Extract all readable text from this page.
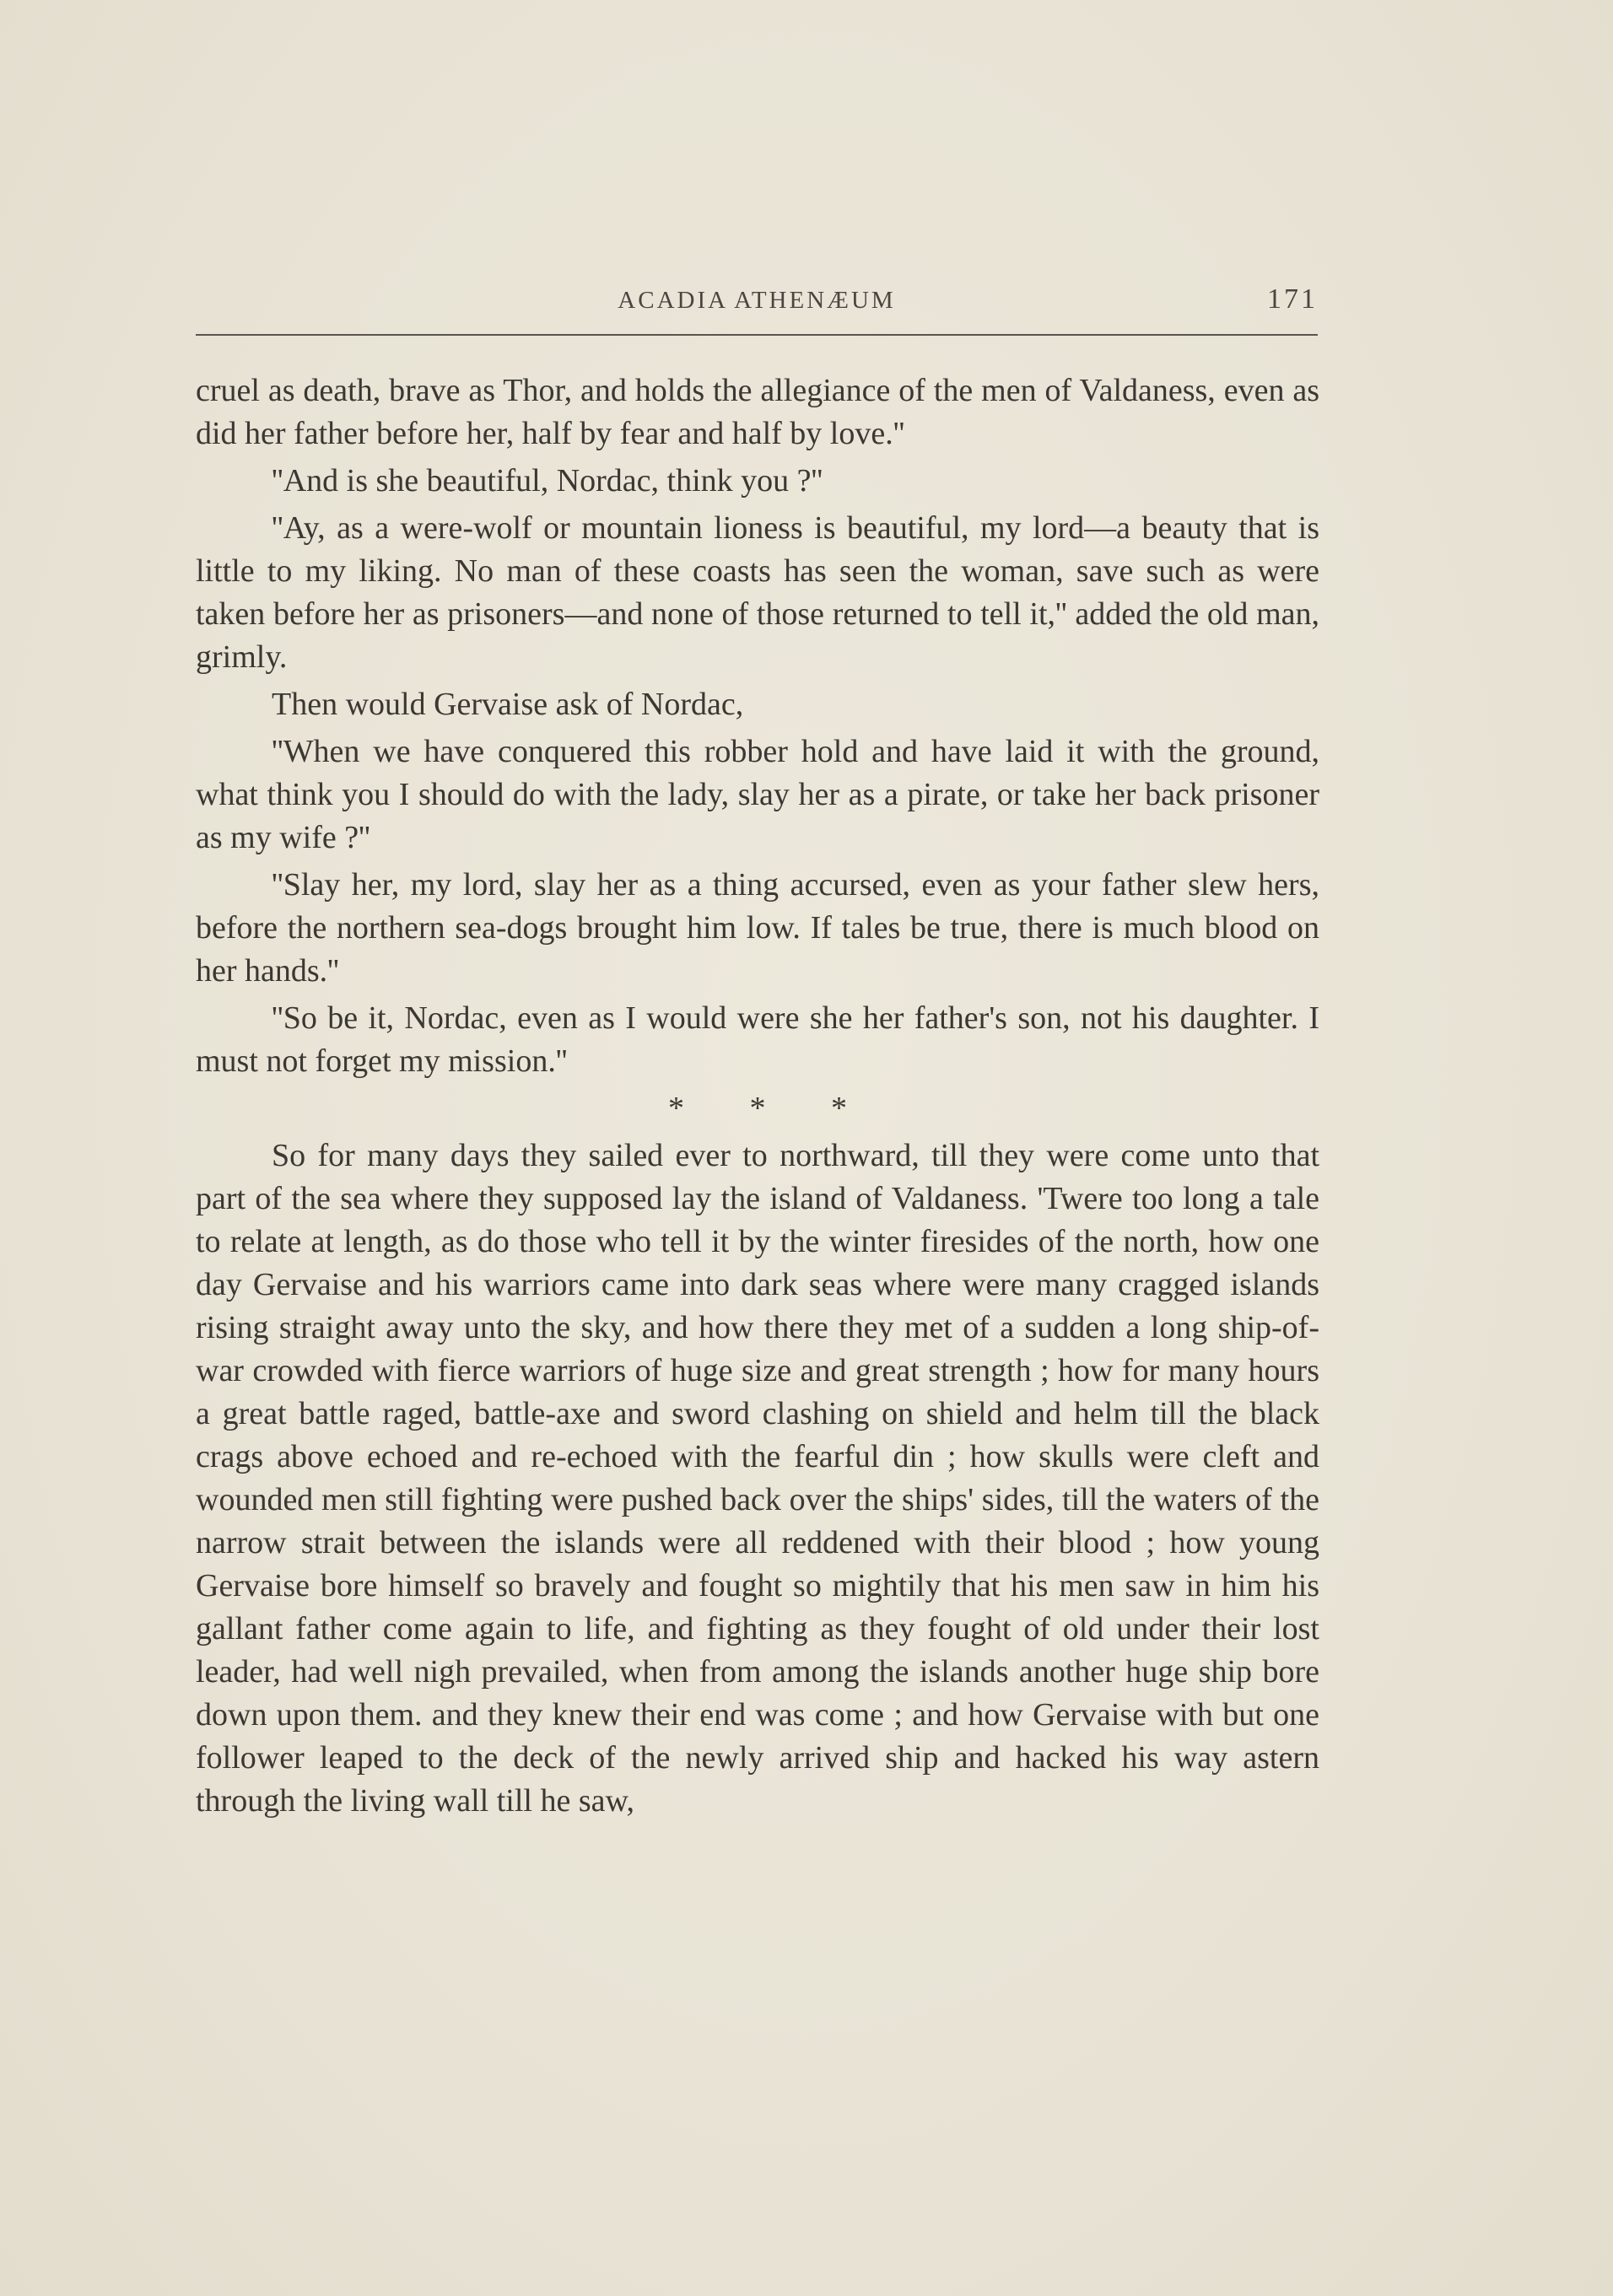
ACADIA ATHENÆUM	171

cruel as death, brave as Thor, and holds the allegiance of the men of Valdaness, even as did her father before her, half by fear and half by love.''

''And is she beautiful, Nordac, think you ?''

''Ay, as a were-wolf or mountain lioness is beautiful, my lord—a beauty that is little to my liking. No man of these coasts has seen the woman, save such as were taken before her as prisoners—and none of those returned to tell it,'' added the old man, grimly.

Then would Gervaise ask of Nordac,

''When we have conquered this robber hold and have laid it with the ground, what think you I should do with the lady, slay her as a pirate, or take her back prisoner as my wife ?''

''Slay her, my lord, slay her as a thing accursed, even as your father slew hers, before the northern sea-dogs brought him low. If tales be true, there is much blood on her hands.''

''So be it, Nordac, even as I would were she her father's son, not his daughter. I must not forget my mission.''

* * *

So for many days they sailed ever to northward, till they were come unto that part of the sea where they supposed lay the island of Valdaness. 'Twere too long a tale to relate at length, as do those who tell it by the winter firesides of the north, how one day Gervaise and his warriors came into dark seas where were many cragged islands rising straight away unto the sky, and how there they met of a sudden a long ship-of-war crowded with fierce warriors of huge size and great strength ; how for many hours a great battle raged, battle-axe and sword clashing on shield and helm till the black crags above echoed and re-echoed with the fearful din ; how skulls were cleft and wounded men still fighting were pushed back over the ships' sides, till the waters of the narrow strait between the islands were all reddened with their blood ; how young Gervaise bore himself so bravely and fought so mightily that his men saw in him his gallant father come again to life, and fighting as they fought of old under their lost leader, had well nigh prevailed, when from among the islands another huge ship bore down upon them. and they knew their end was come ; and how Gervaise with but one follower leaped to the deck of the newly arrived ship and hacked his way astern through the living wall till he saw,
